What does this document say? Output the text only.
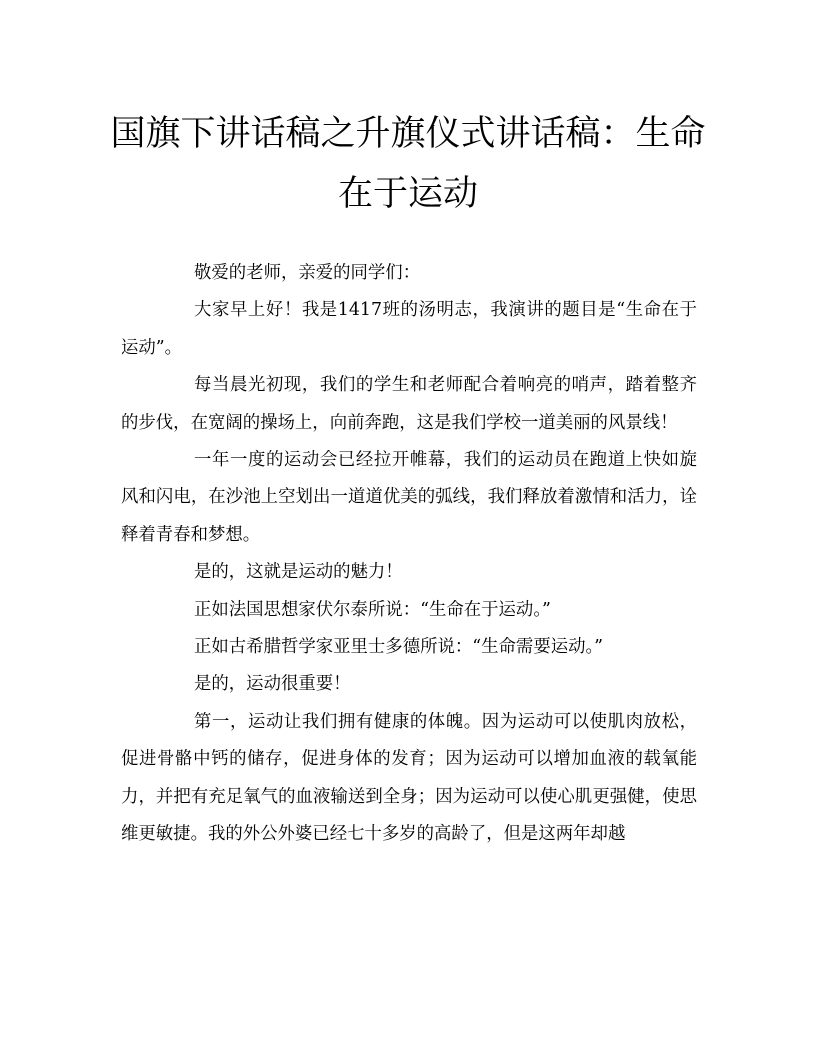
国旗下讲话稿之升旗仪式讲话稿：生命在于运动

敬爱的老师，亲爱的同学们：

大家早上好！我是1417班的汤明志，我演讲的题目是“生命在于运动”。

每当晨光初现，我们的学生和老师配合着响亮的哨声，踏着整齐的步伐，在宽阔的操场上，向前奔跑，这是我们学校一道美丽的风景线！

一年一度的运动会已经拉开帷幕，我们的运动员在跑道上快如旋风和闪电，在沙池上空划出一道道优美的弧线，我们释放着激情和活力，诠释着青春和梦想。

是的，这就是运动的魅力！

正如法国思想家伏尔泰所说：“生命在于运动。”

正如古希腊哲学家亚里士多德所说：“生命需要运动。”

是的，运动很重要！

第一，运动让我们拥有健康的体魄。因为运动可以使肌肉放松，促进骨骼中钙的储存，促进身体的发育；因为运动可以增加血液的载氧能力，并把有充足氧气的血液输送到全身；因为运动可以使心肌更强健，使思维更敏捷。我的外公外婆已经七十多岁的高龄了，但是这两年却越
